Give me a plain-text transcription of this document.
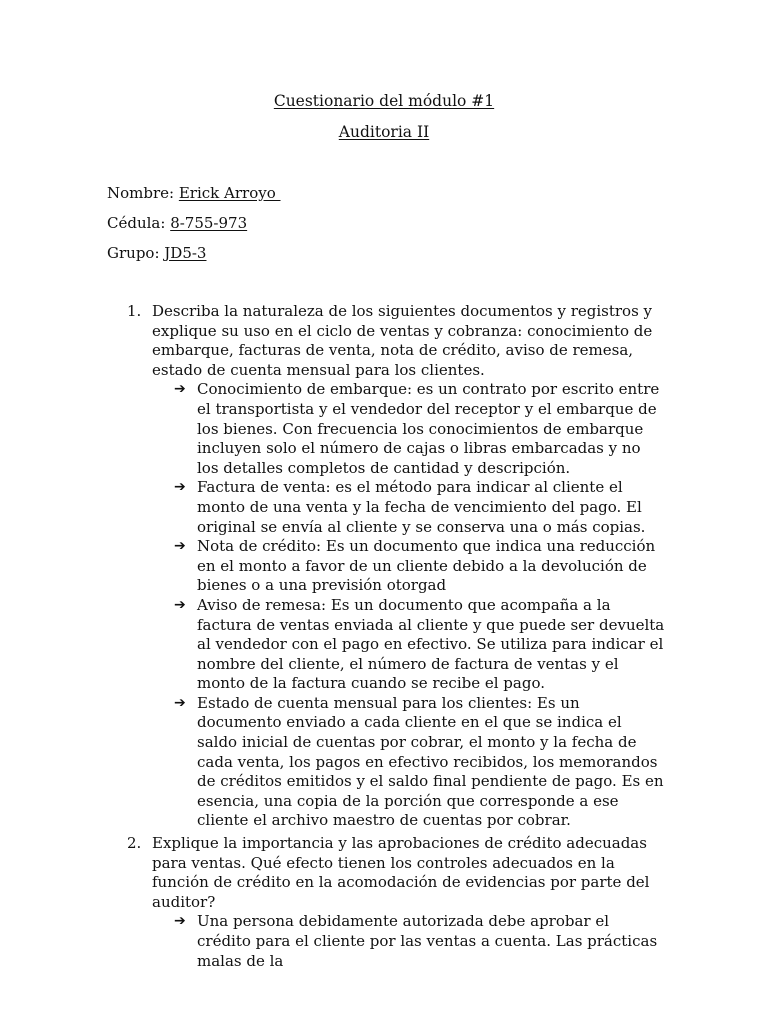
Cuestionario del módulo #1
Auditoria II
Nombre: Erick Arroyo
Cédula: 8-755-973
Grupo: JD5-3
1. Describa la naturaleza de los siguientes documentos y registros y explique su uso en el ciclo de ventas y cobranza: conocimiento de embarque, facturas de venta, nota de crédito, aviso de remesa, estado de cuenta mensual para los clientes.
➔ Conocimiento de embarque: es un contrato por escrito entre el transportista y el vendedor del receptor y el embarque de los bienes. Con frecuencia los conocimientos de embarque incluyen solo el número de cajas o libras embarcadas y no los detalles completos de cantidad y descripción.
➔ Factura de venta: es el método para indicar al cliente el monto de una venta y la fecha de vencimiento del pago. El original se envía al cliente y se conserva una o más copias.
➔ Nota de crédito: Es un documento que indica una reducción en el monto a favor de un cliente debido a la devolución de bienes o a una previsión otorgad
➔ Aviso de remesa: Es un documento que acompaña a la factura de ventas enviada al cliente y que puede ser devuelta al vendedor con el pago en efectivo. Se utiliza para indicar el nombre del cliente, el número de factura de ventas y el monto de la factura cuando se recibe el pago.
➔ Estado de cuenta mensual para los clientes: Es un documento enviado a cada cliente en el que se indica el saldo inicial de cuentas por cobrar, el monto y la fecha de cada venta, los pagos en efectivo recibidos, los memorandos de créditos emitidos y el saldo final pendiente de pago. Es en esencia, una copia de la porción que corresponde a ese cliente el archivo maestro de cuentas por cobrar.
2. Explique la importancia y las aprobaciones de crédito adecuadas para ventas. Qué efecto tienen los controles adecuados en la función de crédito en la acomodación de evidencias por parte del auditor?
➔ Una persona debidamente autorizada debe aprobar el crédito para el cliente por las ventas a cuenta. Las prácticas malas de la
